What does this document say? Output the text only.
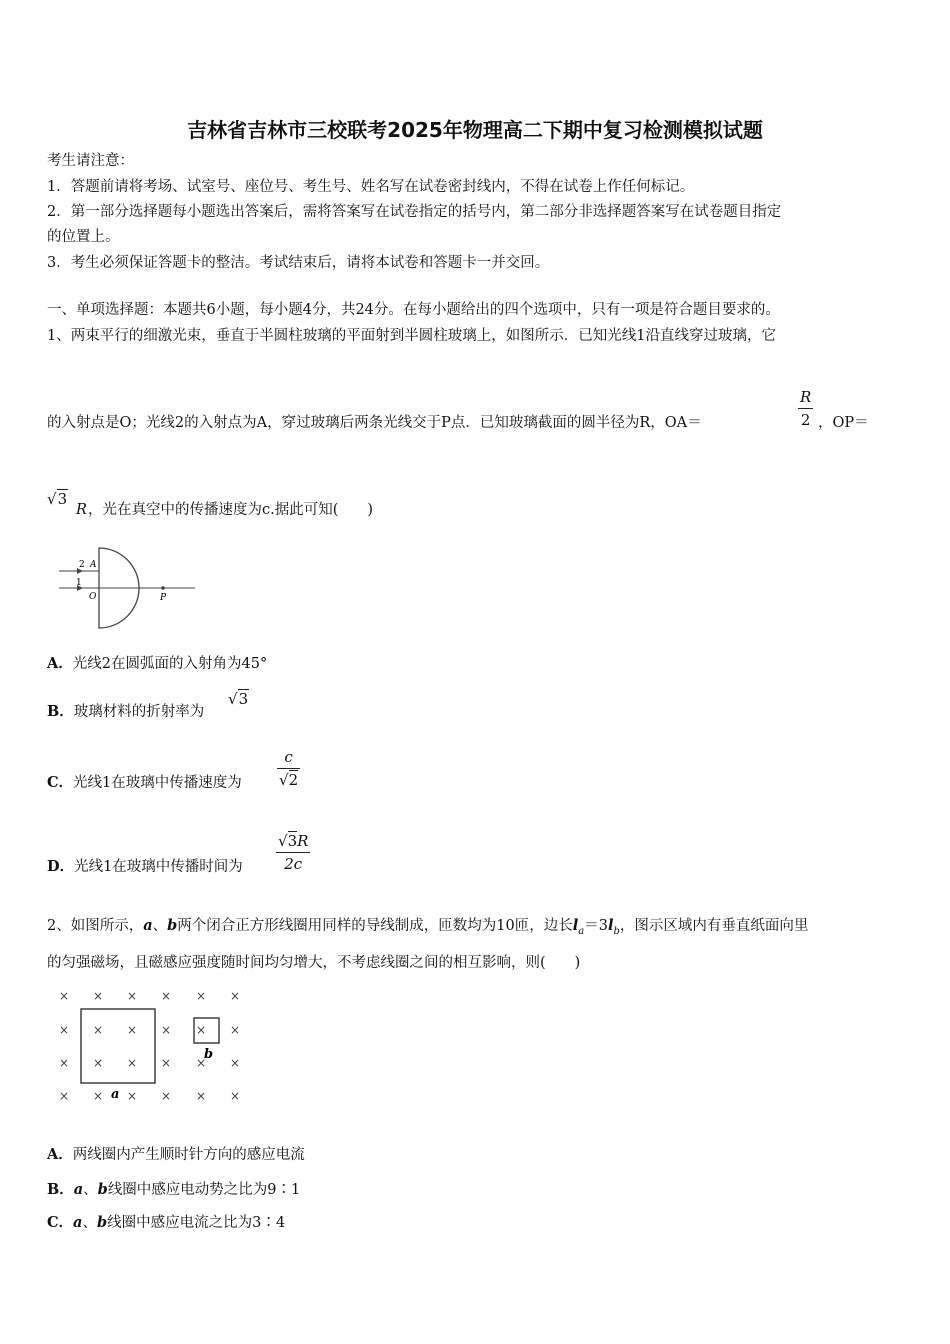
吉林省吉林市三校联考2025年物理高二下期中复习检测模拟试题
考生请注意：
1．答题前请将考场、试室号、座位号、考生号、姓名写在试卷密封线内，不得在试卷上作任何标记。
2．第一部分选择题每小题选出答案后，需将答案写在试卷指定的括号内，第二部分非选择题答案写在试卷题目指定
的位置上。
3．考生必须保证答题卡的整洁。考试结束后，请将本试卷和答题卡一并交回。
一、单项选择题：本题共6小题，每小题4分，共24分。在每小题给出的四个选项中，只有一项是符合题目要求的。
1、两束平行的细激光束，垂直于半圆柱玻璃的平面射到半圆柱玻璃上，如图所示．已知光线1沿直线穿过玻璃，它
的入射点是O；光线2的入射点为A，穿过玻璃后两条光线交于P点．已知玻璃截面的圆半径为R，OA＝
R
2 ，OP＝
√3
R ，光在真空中的传播速度为c.据此可知(　　)
2 A
1
O	P
A．光线2在圆弧面的入射角为45°
B．玻璃材料的折射率为
√3
C．光线1在玻璃中传播速度为
c
√2
D．光线1在玻璃中传播时间为
√3R
2c
2、如图所示，a、b两个闭合正方形线圈用同样的导线制成，匝数均为10匝，边长$l_a=3l_b$，图示区域内有垂直纸面向里
的匀强磁场，且磁感应强度随时间均匀增大，不考虑线圈之间的相互影响，则(　　)
× × × × × ×
× × × × × ×
× × × × × ×
× × × × × ×
a
b
A．两线圈内产生顺时针方向的感应电流
B．a、b线圈中感应电动势之比为9∶1
C．a、b线圈中感应电流之比为3∶4
